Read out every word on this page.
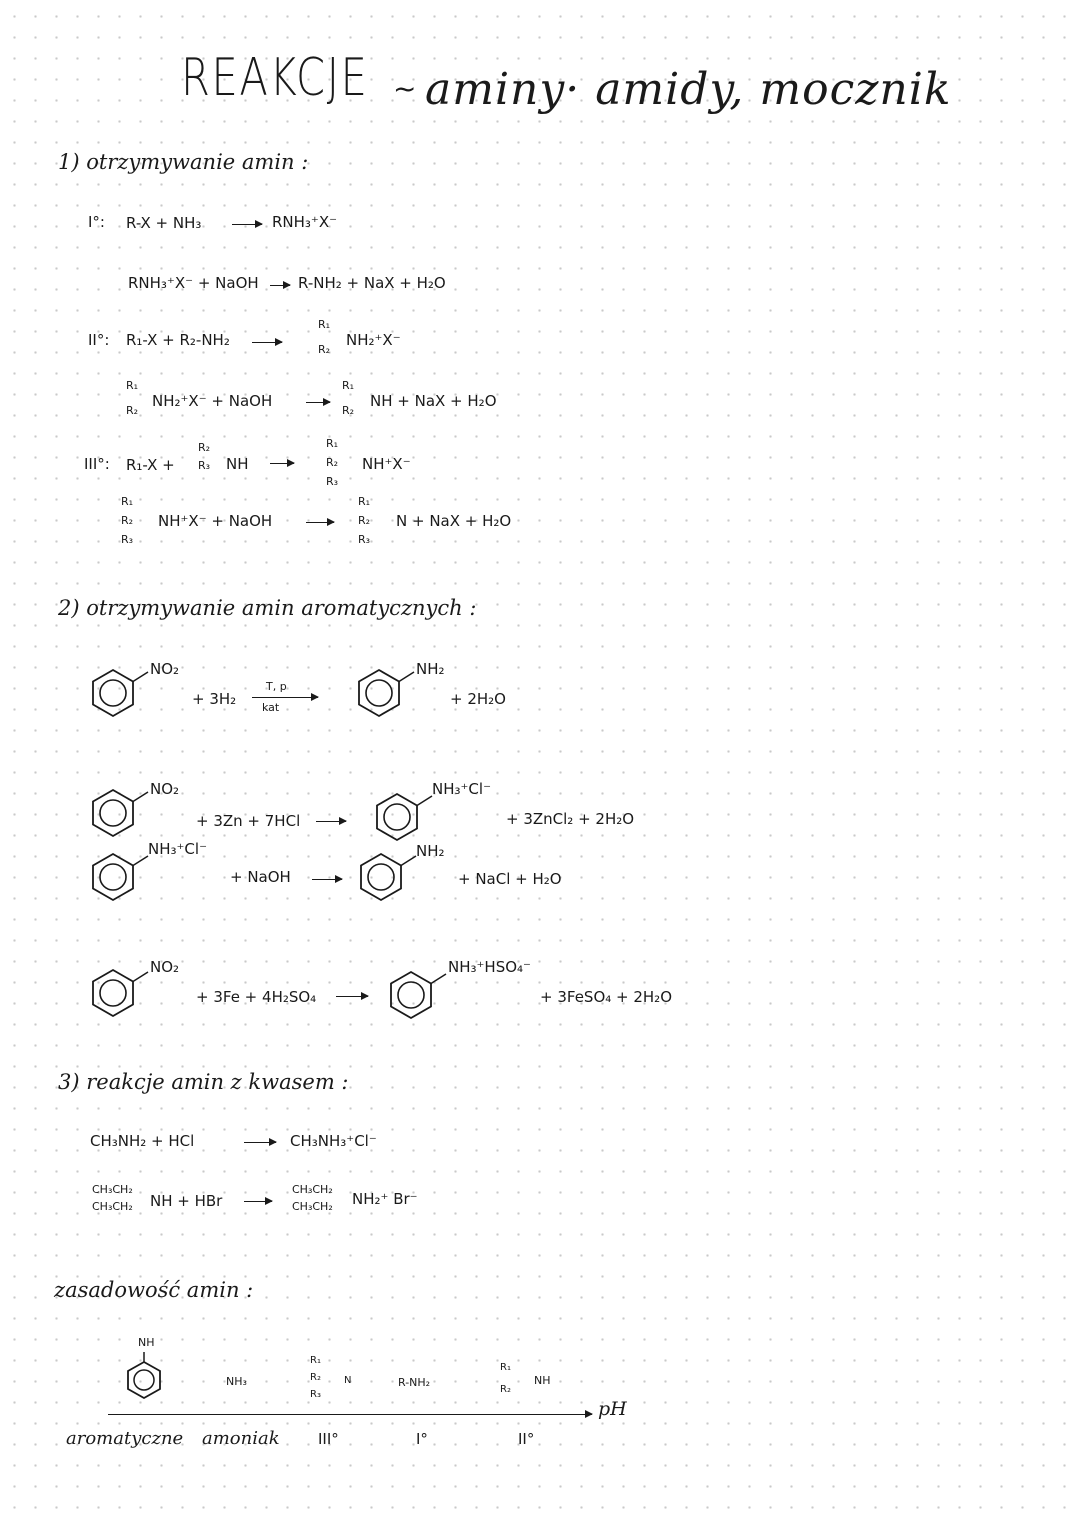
REAKCJE ~ aminy· amidy, mocznik
1) otrzymywanie amin :
I°: R-X + NH₃ → RNH₃⁺X⁻
RNH₃⁺X⁻ + NaOH → R-NH₂ + NaX + H₂O
II°: R₁-X + R₂-NH₂ →
R₁
R₂
NH₂⁺X⁻
R₁
R₂
NH₂⁺X⁻ + NaOH
R₁
R₂
NH + NaX + H₂O
III°: R₁-X +
R₂
R₃ NH →
R₁
R₂
R₃
NH⁺X⁻
R₁
R₂
R₃
NH⁺X⁻ + NaOH
R₁
R₂
R₃
N + NaX + H₂O
2) otrzymywanie amin aromatycznych :
NO₂
+ 3H₂
T, p
kat
NH₂
+ 2H₂O
NO₂
+ 3Zn + 7HCl →
NH₃⁺Cl⁻
+ 3ZnCl₂ + 2H₂O
NH₃⁺Cl⁻
+ NaOH →
NH₂
+ NaCl + H₂O
NO₂
+ 3Fe + 4H₂SO₄ →
NH₃⁺HSO₄⁻
+ 3FeSO₄ + 2H₂O
3) reakcje amin z kwasem :
CH₃NH₂ + HCl	→ CH₃NH₃⁺Cl⁻
CH₃CH₂
CH₃CH₂ NH + HBr →
CH₃CH₂
CH₃CH₂ NH₂⁺ Br⁻
zasadowość amin :
NH
NH₃
R₁
R₂
R₃
N	R-NH₂
R₁
R₂
NH
pH
aromatyczne amoniak	III°	I°	II°
